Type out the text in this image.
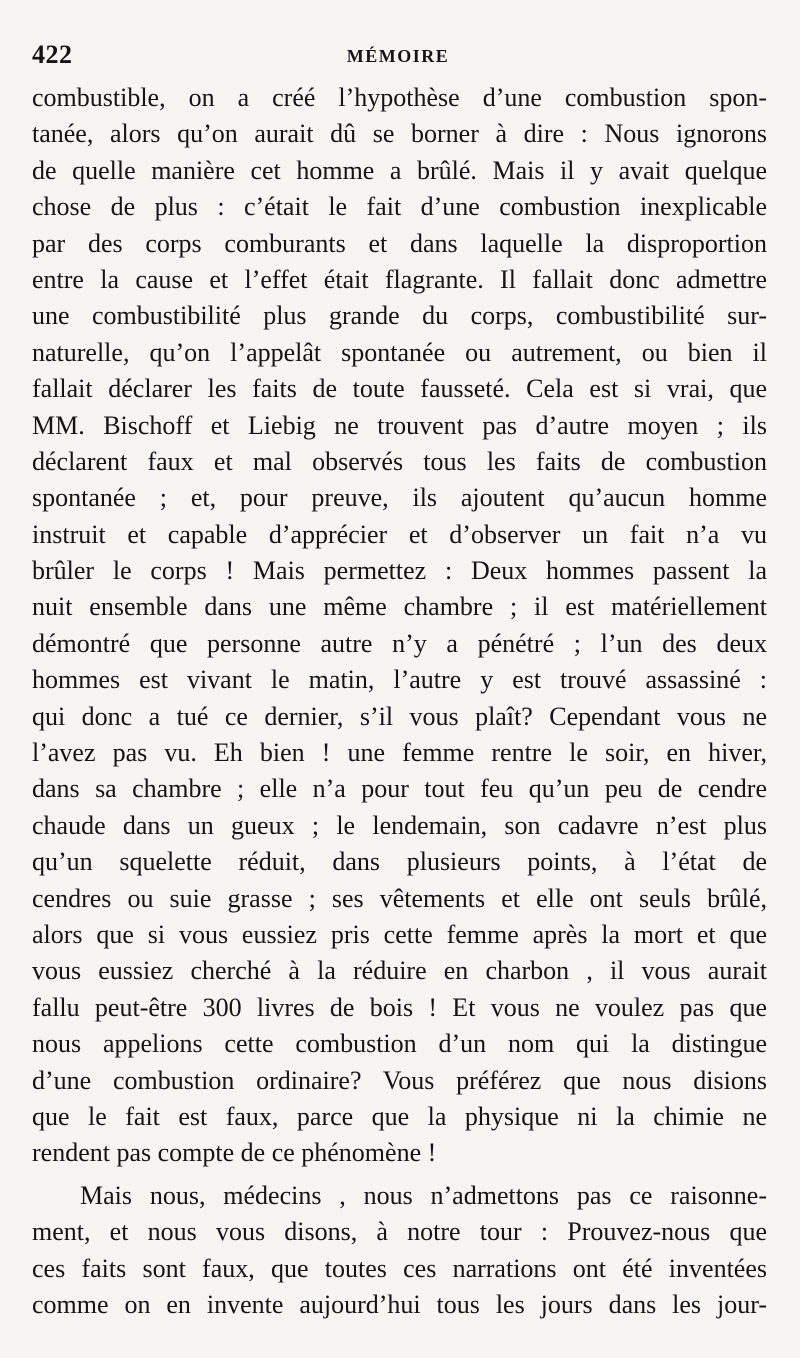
422	MÉMOIRE
combustible, on a créé l’hypothèse d’une combustion spon-
tanée, alors qu’on aurait dû se borner à dire : Nous ignorons
de quelle manière cet homme a brûlé. Mais il y avait quelque
chose de plus : c’était le fait d’une combustion inexplicable
par des corps comburants et dans laquelle la disproportion
entre la cause et l’effet était flagrante. Il fallait donc admettre
une combustibilité plus grande du corps, combustibilité sur-
naturelle, qu’on l’appelât spontanée ou autrement, ou bien il
fallait déclarer les faits de toute fausseté. Cela est si vrai, que
MM. Bischoff et Liebig ne trouvent pas d’autre moyen ; ils
déclarent faux et mal observés tous les faits de combustion
spontanée ; et, pour preuve, ils ajoutent qu’aucun homme
instruit et capable d’apprécier et d’observer un fait n’a vu
brûler le corps ! Mais permettez : Deux hommes passent la
nuit ensemble dans une même chambre ; il est matériellement
démontré que personne autre n’y a pénétré ; l’un des deux
hommes est vivant le matin, l’autre y est trouvé assassiné :
qui donc a tué ce dernier, s’il vous plaît? Cependant vous ne
l’avez pas vu. Eh bien ! une femme rentre le soir, en hiver,
dans sa chambre ; elle n’a pour tout feu qu’un peu de cendre
chaude dans un gueux ; le lendemain, son cadavre n’est plus
qu’un squelette réduit, dans plusieurs points, à l’état de
cendres ou suie grasse ; ses vêtements et elle ont seuls brûlé,
alors que si vous eussiez pris cette femme après la mort et que
vous eussiez cherché à la réduire en charbon , il vous aurait
fallu peut-être 300 livres de bois ! Et vous ne voulez pas que
nous appelions cette combustion d’un nom qui la distingue
d’une combustion ordinaire? Vous préférez que nous disions
que le fait est faux, parce que la physique ni la chimie ne
rendent pas compte de ce phénomène !
Mais nous, médecins , nous n’admettons pas ce raisonne-
ment, et nous vous disons, à notre tour : Prouvez-nous que
ces faits sont faux, que toutes ces narrations ont été inventées
comme on en invente aujourd’hui tous les jours dans les jour-
